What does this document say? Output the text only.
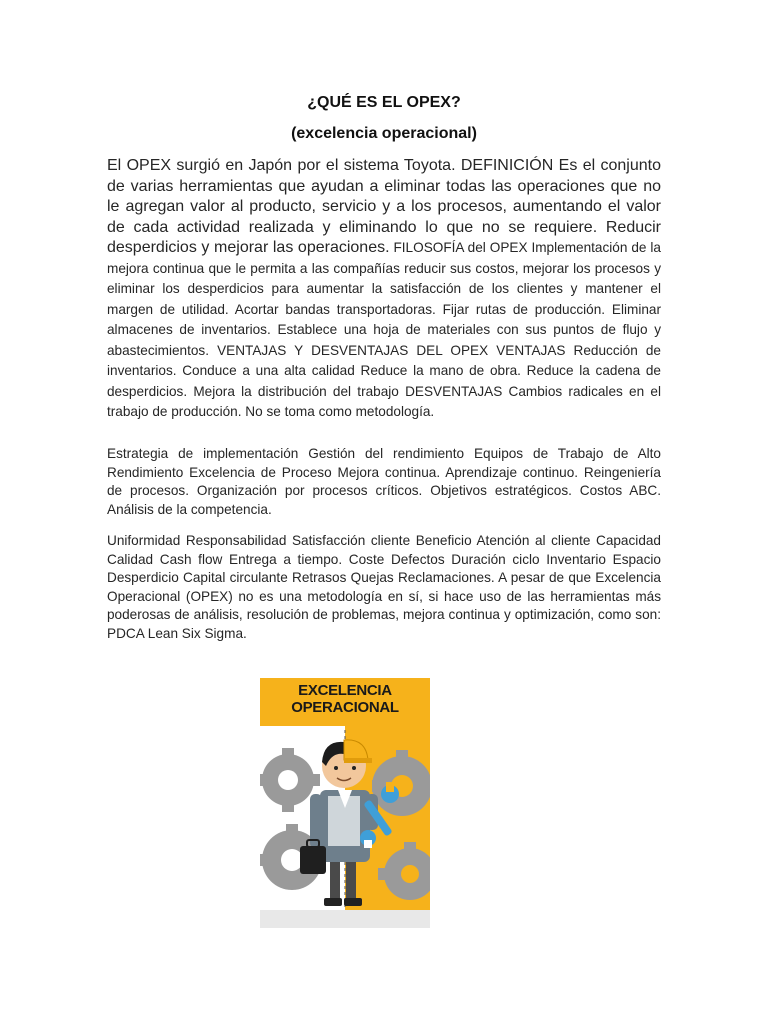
¿QUÉ ES EL OPEX?
(excelencia operacional)
El OPEX surgió en Japón por el sistema Toyota. DEFINICIÓN Es el conjunto de varias herramientas que ayudan a eliminar todas las operaciones que no le agregan valor al producto, servicio y a los procesos, aumentando el valor de cada actividad realizada y eliminando lo que no se requiere. Reducir desperdicios y mejorar las operaciones. FILOSOFÍA del OPEX Implementación de la mejora continua que le permita a las compañías reducir sus costos, mejorar los procesos y eliminar los desperdicios para aumentar la satisfacción de los clientes y mantener el margen de utilidad. Acortar bandas transportadoras. Fijar rutas de producción. Eliminar almacenes de inventarios. Establece una hoja de materiales con sus puntos de flujo y abastecimientos. VENTAJAS Y DESVENTAJAS DEL OPEX VENTAJAS Reducción de inventarios. Conduce a una alta calidad Reduce la mano de obra. Reduce la cadena de desperdicios. Mejora la distribución del trabajo DESVENTAJAS Cambios radicales en el trabajo de producción. No se toma como metodología.
Estrategia de implementación Gestión del rendimiento Equipos de Trabajo de Alto Rendimiento Excelencia de Proceso Mejora continua. Aprendizaje continuo. Reingeniería de procesos. Organización por procesos críticos. Objetivos estratégicos. Costos ABC. Análisis de la competencia.
Uniformidad Responsabilidad Satisfacción cliente Beneficio Atención al cliente Capacidad Calidad Cash flow Entrega a tiempo. Coste Defectos Duración ciclo Inventario Espacio Desperdicio Capital circulante Retrasos Quejas Reclamaciones. A pesar de que Excelencia Operacional (OPEX) no es una metodología en sí, si hace uso de las herramientas más poderosas de análisis, resolución de problemas, mejora continua y optimización, como son: PDCA Lean Six Sigma.
EXCELENCIA
OPERACIONAL
